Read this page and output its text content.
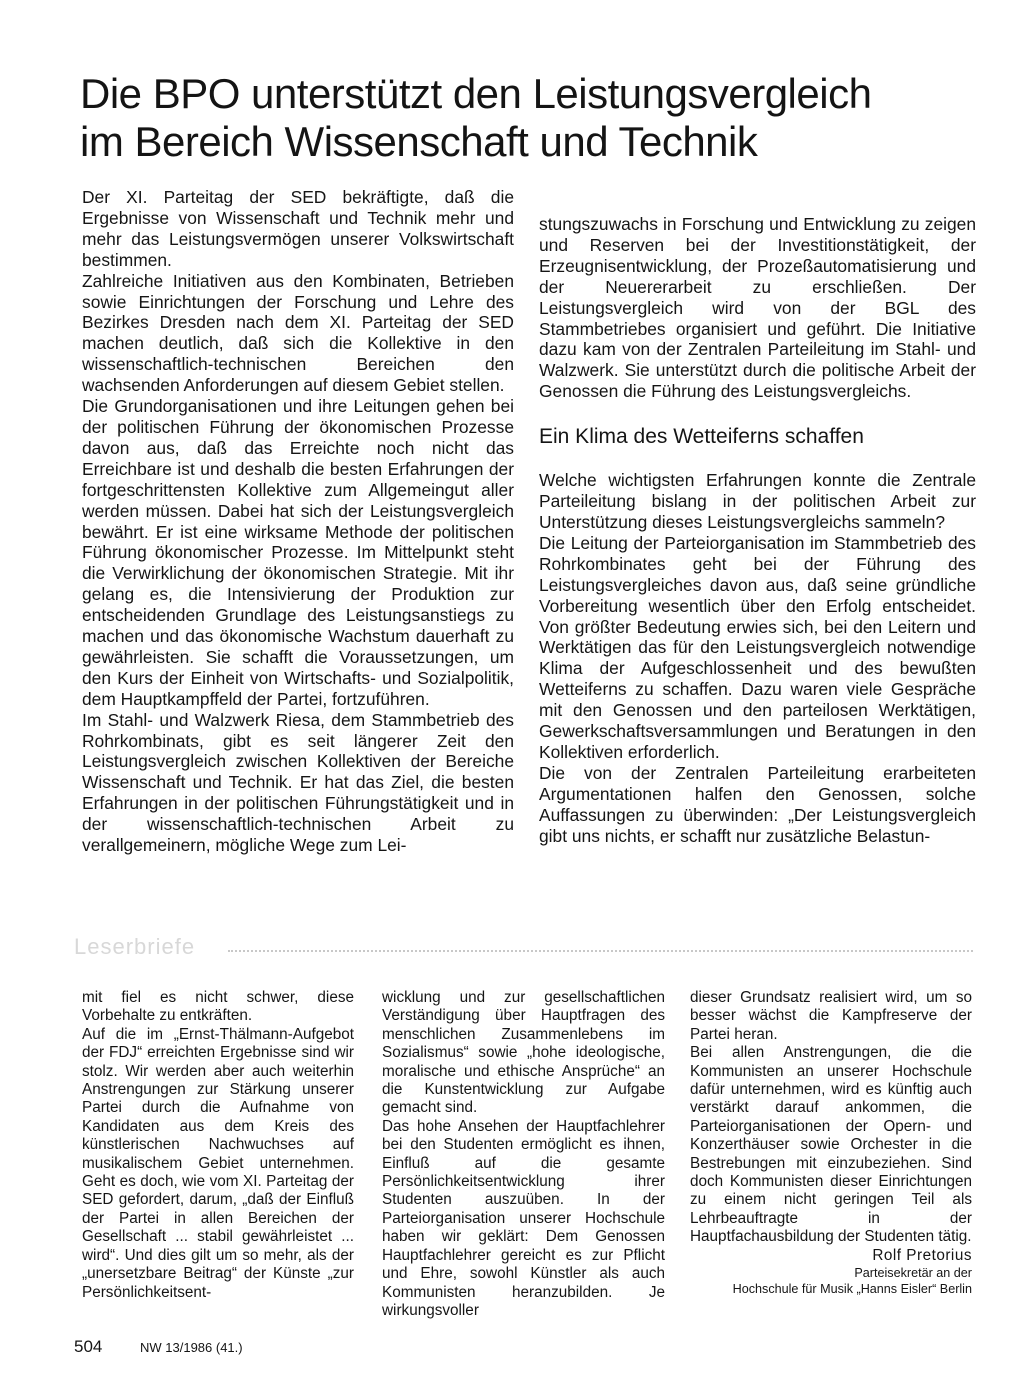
Die BPO unterstützt den Leistungsvergleich
im Bereich Wissenschaft und Technik

Der XI. Parteitag der SED bekräftigte, daß die Ergebnisse von Wissenschaft und Technik mehr und mehr das Leistungsvermögen unserer Volkswirtschaft bestimmen.

Zahlreiche Initiativen aus den Kombinaten, Betrieben sowie Einrichtungen der Forschung und Lehre des Bezirkes Dresden nach dem XI. Parteitag der SED machen deutlich, daß sich die Kollektive in den wissenschaftlich-technischen Bereichen den wachsenden Anforderungen auf diesem Gebiet stellen.

Die Grundorganisationen und ihre Leitungen gehen bei der politischen Führung der ökonomischen Prozesse davon aus, daß das Erreichte noch nicht das Erreichbare ist und deshalb die besten Erfahrungen der fortgeschrittensten Kollektive zum Allgemeingut aller werden müssen. Dabei hat sich der Leistungsvergleich bewährt. Er ist eine wirksame Methode der politischen Führung ökonomischer Prozesse. Im Mittelpunkt steht die Verwirklichung der ökonomischen Strategie. Mit ihr gelang es, die Intensivierung der Produktion zur entscheidenden Grundlage des Leistungsanstiegs zu machen und das ökonomische Wachstum dauerhaft zu gewährleisten. Sie schafft die Voraussetzungen, um den Kurs der Einheit von Wirtschafts- und Sozialpolitik, dem Hauptkampffeld der Partei, fortzuführen.

Im Stahl- und Walzwerk Riesa, dem Stammbetrieb des Rohrkombinats, gibt es seit längerer Zeit den Leistungsvergleich zwischen Kollektiven der Bereiche Wissenschaft und Technik. Er hat das Ziel, die besten Erfahrungen in der politischen Führungstätigkeit und in der wissenschaftlich-technischen Arbeit zu verallgemeinern, mögliche Wege zum Lei-

stungszuwachs in Forschung und Entwicklung zu zeigen und Reserven bei der Investitionstätigkeit, der Erzeugnisentwicklung, der Prozeßautomatisierung und der Neuererarbeit zu erschließen. Der Leistungsvergleich wird von der BGL des Stammbetriebes organisiert und geführt. Die Initiative dazu kam von der Zentralen Parteileitung im Stahl- und Walzwerk. Sie unterstützt durch die politische Arbeit der Genossen die Führung des Leistungsvergleichs.

Ein Klima des Wetteiferns schaffen

Welche wichtigsten Erfahrungen konnte die Zentrale Parteileitung bislang in der politischen Arbeit zur Unterstützung dieses Leistungsvergleichs sammeln?

Die Leitung der Parteiorganisation im Stammbetrieb des Rohrkombinates geht bei der Führung des Leistungsvergleiches davon aus, daß seine gründliche Vorbereitung wesentlich über den Erfolg entscheidet. Von größter Bedeutung erwies sich, bei den Leitern und Werktätigen das für den Leistungsvergleich notwendige Klima der Aufgeschlossenheit und des bewußten Wetteiferns zu schaffen. Dazu waren viele Gespräche mit den Genossen und den parteilosen Werktätigen, Gewerkschaftsversammlungen und Beratungen in den Kollektiven erforderlich.

Die von der Zentralen Parteileitung erarbeiteten Argumentationen halfen den Genossen, solche Auffassungen zu überwinden: „Der Leistungsvergleich gibt uns nichts, er schafft nur zusätzliche Belastun-

Leserbriefe

mit fiel es nicht schwer, diese Vorbehalte zu entkräften.

Auf die im „Ernst-Thälmann-Aufgebot der FDJ“ erreichten Ergebnisse sind wir stolz. Wir werden aber auch weiterhin Anstrengungen zur Stärkung unserer Partei durch die Aufnahme von Kandidaten aus dem Kreis des künstlerischen Nachwuchses auf musikalischem Gebiet unternehmen. Geht es doch, wie vom XI. Parteitag der SED gefordert, darum, „daß der Einfluß der Partei in allen Bereichen der Gesellschaft ... stabil gewährleistet ... wird“. Und dies gilt um so mehr, als der „unersetzbare Beitrag“ der Künste „zur Persönlichkeitsent-

wicklung und zur gesellschaftlichen Verständigung über Hauptfragen des menschlichen Zusammenlebens im Sozialismus“ sowie „hohe ideologische, moralische und ethische Ansprüche“ an die Kunstentwicklung zur Aufgabe gemacht sind.

Das hohe Ansehen der Hauptfachlehrer bei den Studenten ermöglicht es ihnen, Einfluß auf die gesamte Persönlichkeitsentwicklung ihrer Studenten auszuüben. In der Parteiorganisation unserer Hochschule haben wir geklärt: Dem Genossen Hauptfachlehrer gereicht es zur Pflicht und Ehre, sowohl Künstler als auch Kommunisten heranzubilden. Je wirkungsvoller

dieser Grundsatz realisiert wird, um so besser wächst die Kampfreserve der Partei heran.

Bei allen Anstrengungen, die die Kommunisten an unserer Hochschule dafür unternehmen, wird es künftig auch verstärkt darauf ankommen, die Parteiorganisationen der Opern- und Konzerthäuser sowie Orchester in die Bestrebungen mit einzubeziehen. Sind doch Kommunisten dieser Einrichtungen zu einem nicht geringen Teil als Lehrbeauftragte in der Hauptfachausbildung der Studenten tätig.

Rolf Pretorius

Parteisekretär an der

Hochschule für Musik „Hanns Eisler“ Berlin

504	NW 13/1986 (41.)
